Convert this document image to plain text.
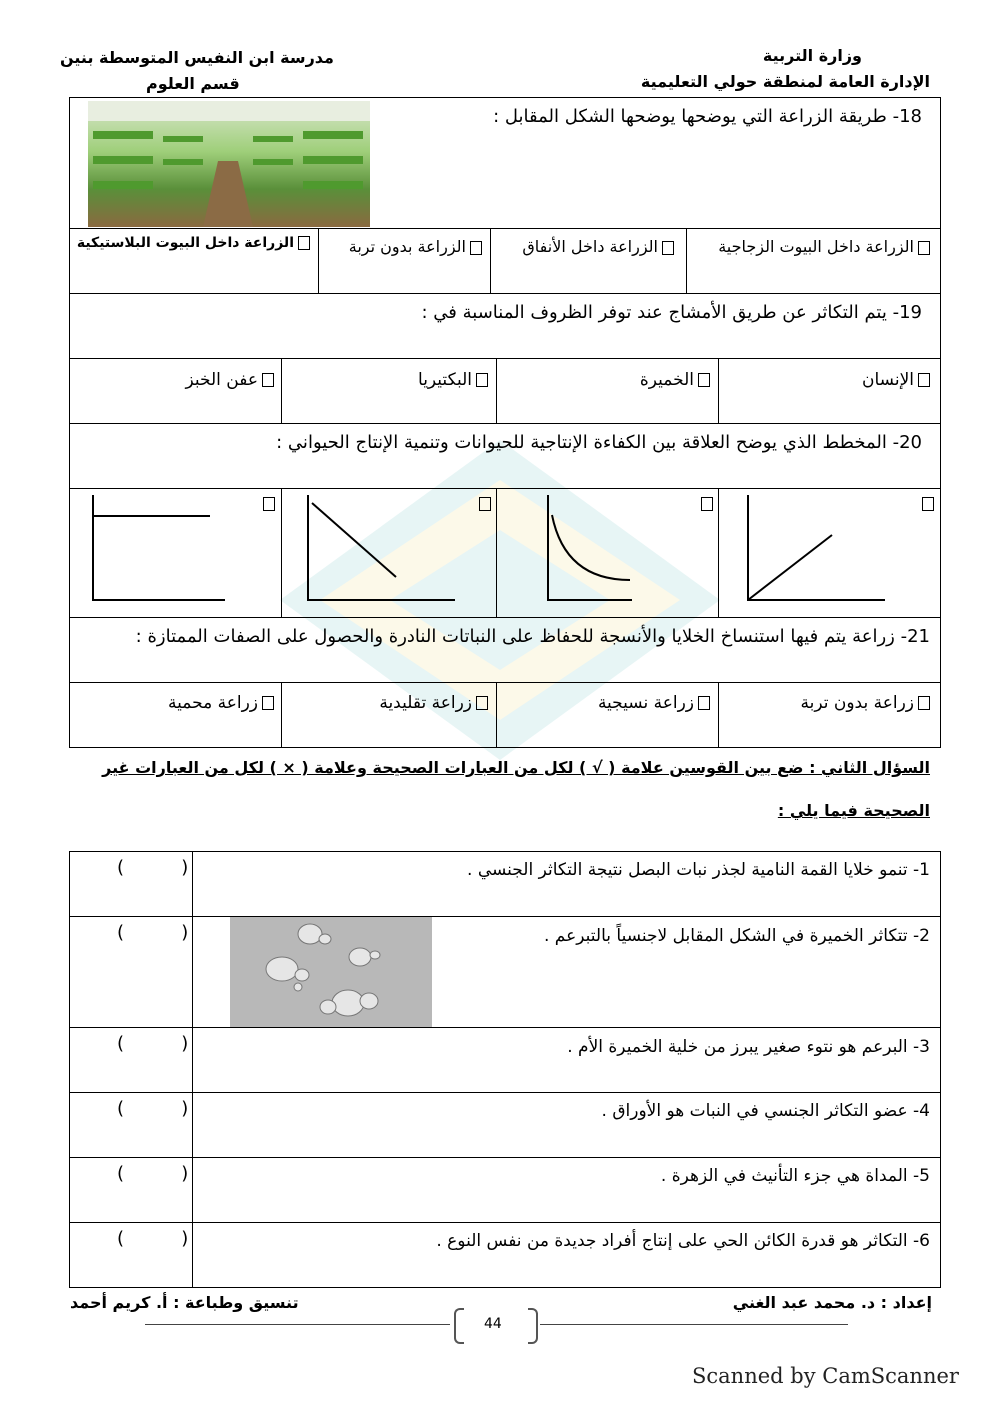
وزارة التربية
الإدارة العامة لمنطقة حولي التعليمية
مدرسة ابن النفيس المتوسطة بنين
قسم العلوم
18- طريقة الزراعة التي يوضحها يوضحها الشكل المقابل :
الزراعة داخل البيوت الزجاجية
الزراعة داخل الأنفاق
الزراعة بدون تربة
الزراعة داخل البيوت البلاستيكية
19- يتم التكاثر عن طريق الأمشاج عند توفر الظروف المناسبة في :
الإنسان
الخميرة
البكتيريا
عفن الخبز
20- المخطط الذي يوضح العلاقة بين الكفاءة الإنتاجية للحيوانات وتنمية الإنتاج الحيواني :
21- زراعة يتم فيها استنساخ الخلايا والأنسجة للحفاظ على النباتات النادرة والحصول على الصفات الممتازة :
زراعة بدون تربة
زراعة نسيجية
زراعة تقليدية
زراعة محمية
السؤال الثاني : ضع بين القوسين علامة ( √ ) لكل من العبارات الصحيحة وعلامة ( × ) لكل من العبارات غير
الصحيحة فيما يلي :
1- تنمو خلايا القمة النامية لجذر نبات البصل نتيجة التكاثر الجنسي .
2- تتكاثر الخميرة في الشكل المقابل لاجنسياً بالتبرعم .
3- البرعم هو نتوء صغير يبرز من خلية الخميرة الأم .
4- عضو التكاثر الجنسي في النبات هو الأوراق .
5- المداة هي جزء التأنيث في الزهرة .
6- التكاثر هو قدرة الكائن الحي على إنتاج أفراد جديدة من نفس النوع .
(          )
(          )
(          )
(          )
(          )
(          )
إعداد : د. محمد عبد الغني
تنسيق وطباعة : أ. كريم أحمد
44
Scanned by CamScanner
